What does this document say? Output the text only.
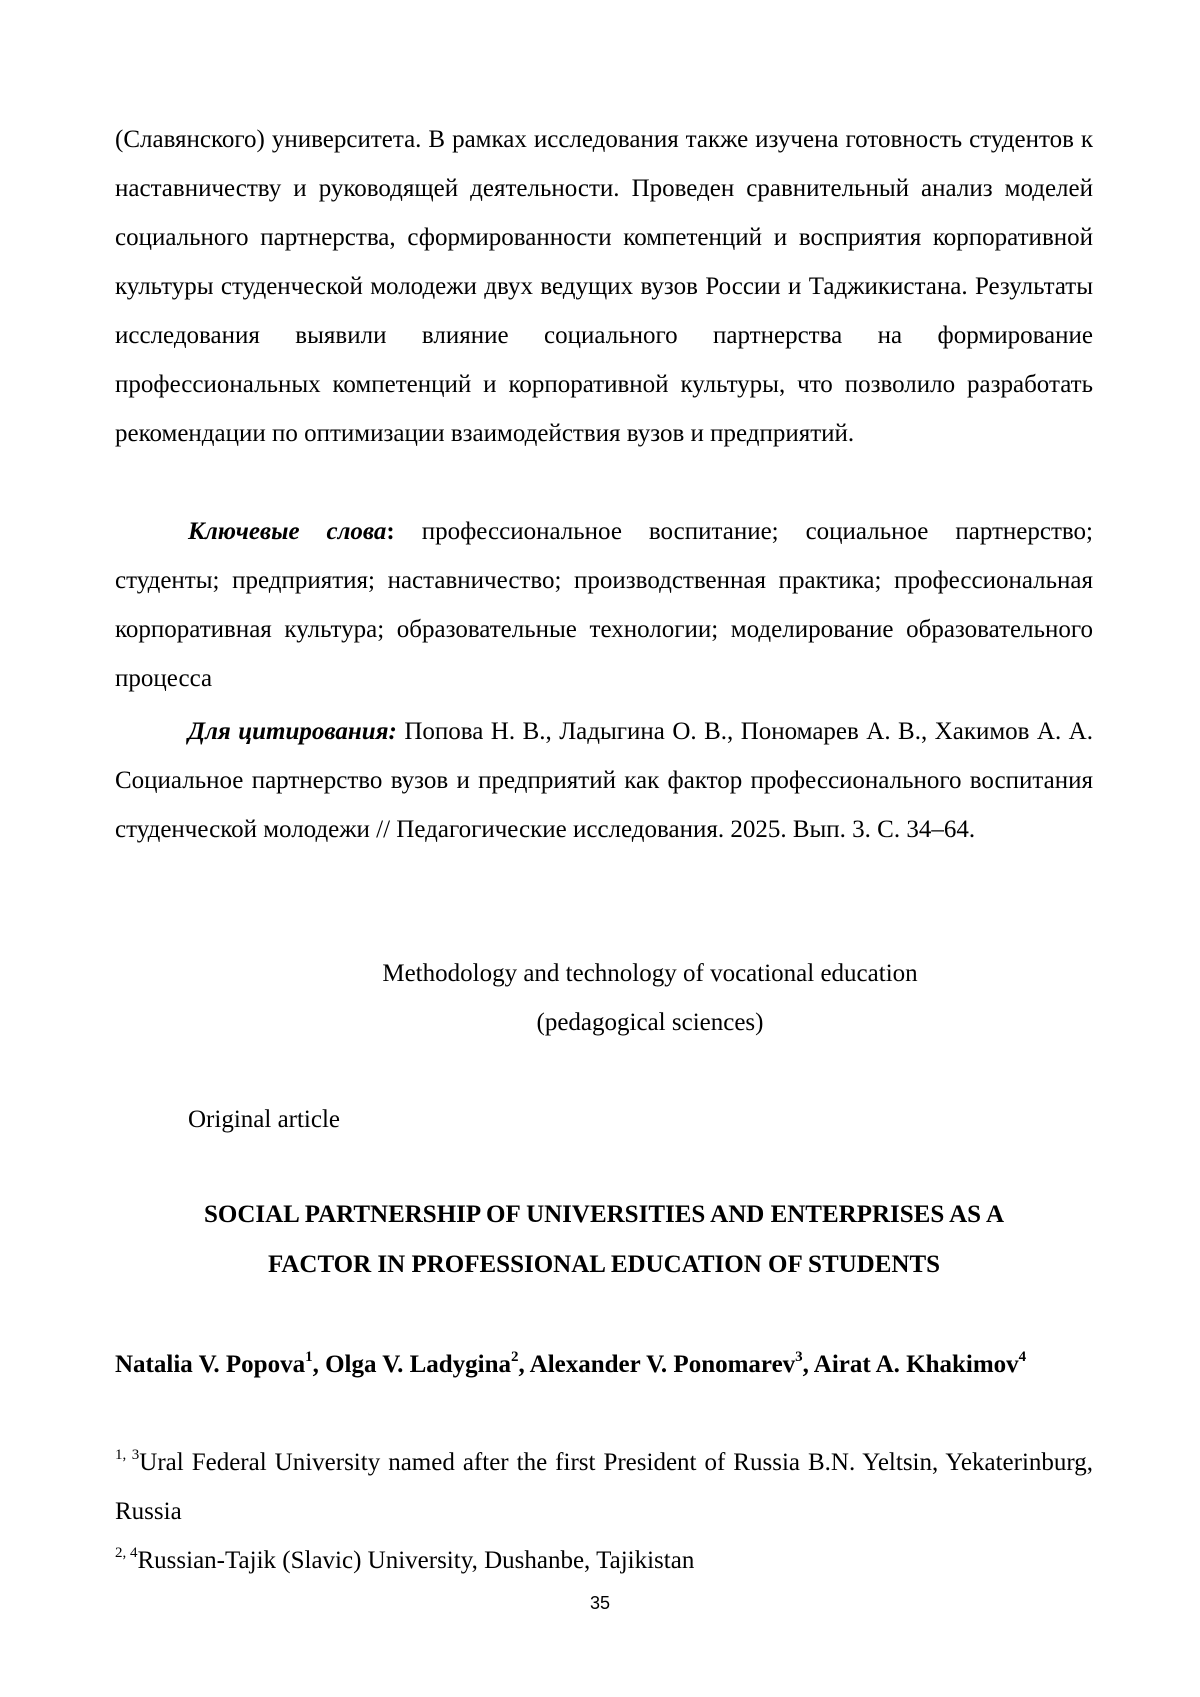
(Славянского) университета. В рамках исследования также изучена готовность студентов к наставничеству и руководящей деятельности. Проведен сравнительный анализ моделей социального партнерства, сформированности компетенций и восприятия корпоративной культуры студенческой молодежи двух ведущих вузов России и Таджикистана. Результаты исследования выявили влияние социального партнерства на формирование профессиональных компетенций и корпоративной культуры, что позволило разработать рекомендации по оптимизации взаимодействия вузов и предприятий.

Ключевые слова: профессиональное воспитание; социальное партнерство; студенты; предприятия; наставничество; производственная практика; профессиональная корпоративная культура; образовательные технологии; моделирование образовательного процесса

Для цитирования: Попова Н. В., Ладыгина О. В., Пономарев А. В., Хакимов А. А. Социальное партнерство вузов и предприятий как фактор профессионального воспитания студенческой молодежи // Педагогические исследования. 2025. Вып. 3. С. 34–64.

Methodology and technology of vocational education
(pedagogical sciences)
Original article
SOCIAL PARTNERSHIP OF UNIVERSITIES AND ENTERPRISES AS A
FACTOR IN PROFESSIONAL EDUCATION OF STUDENTS

Natalia V. Popova$^1$, Olga V. Ladygina$^2$, Alexander V. Ponomarev$^3$, Airat A. Khakimov$^4$

$^{1,}$ $^3$Ural Federal University named after the first President of Russia B.N. Yeltsin, Yekaterinburg, Russia

$^{2,}$ $^4$Russian-Tajik (Slavic) University, Dushanbe, Tajikistan

35
